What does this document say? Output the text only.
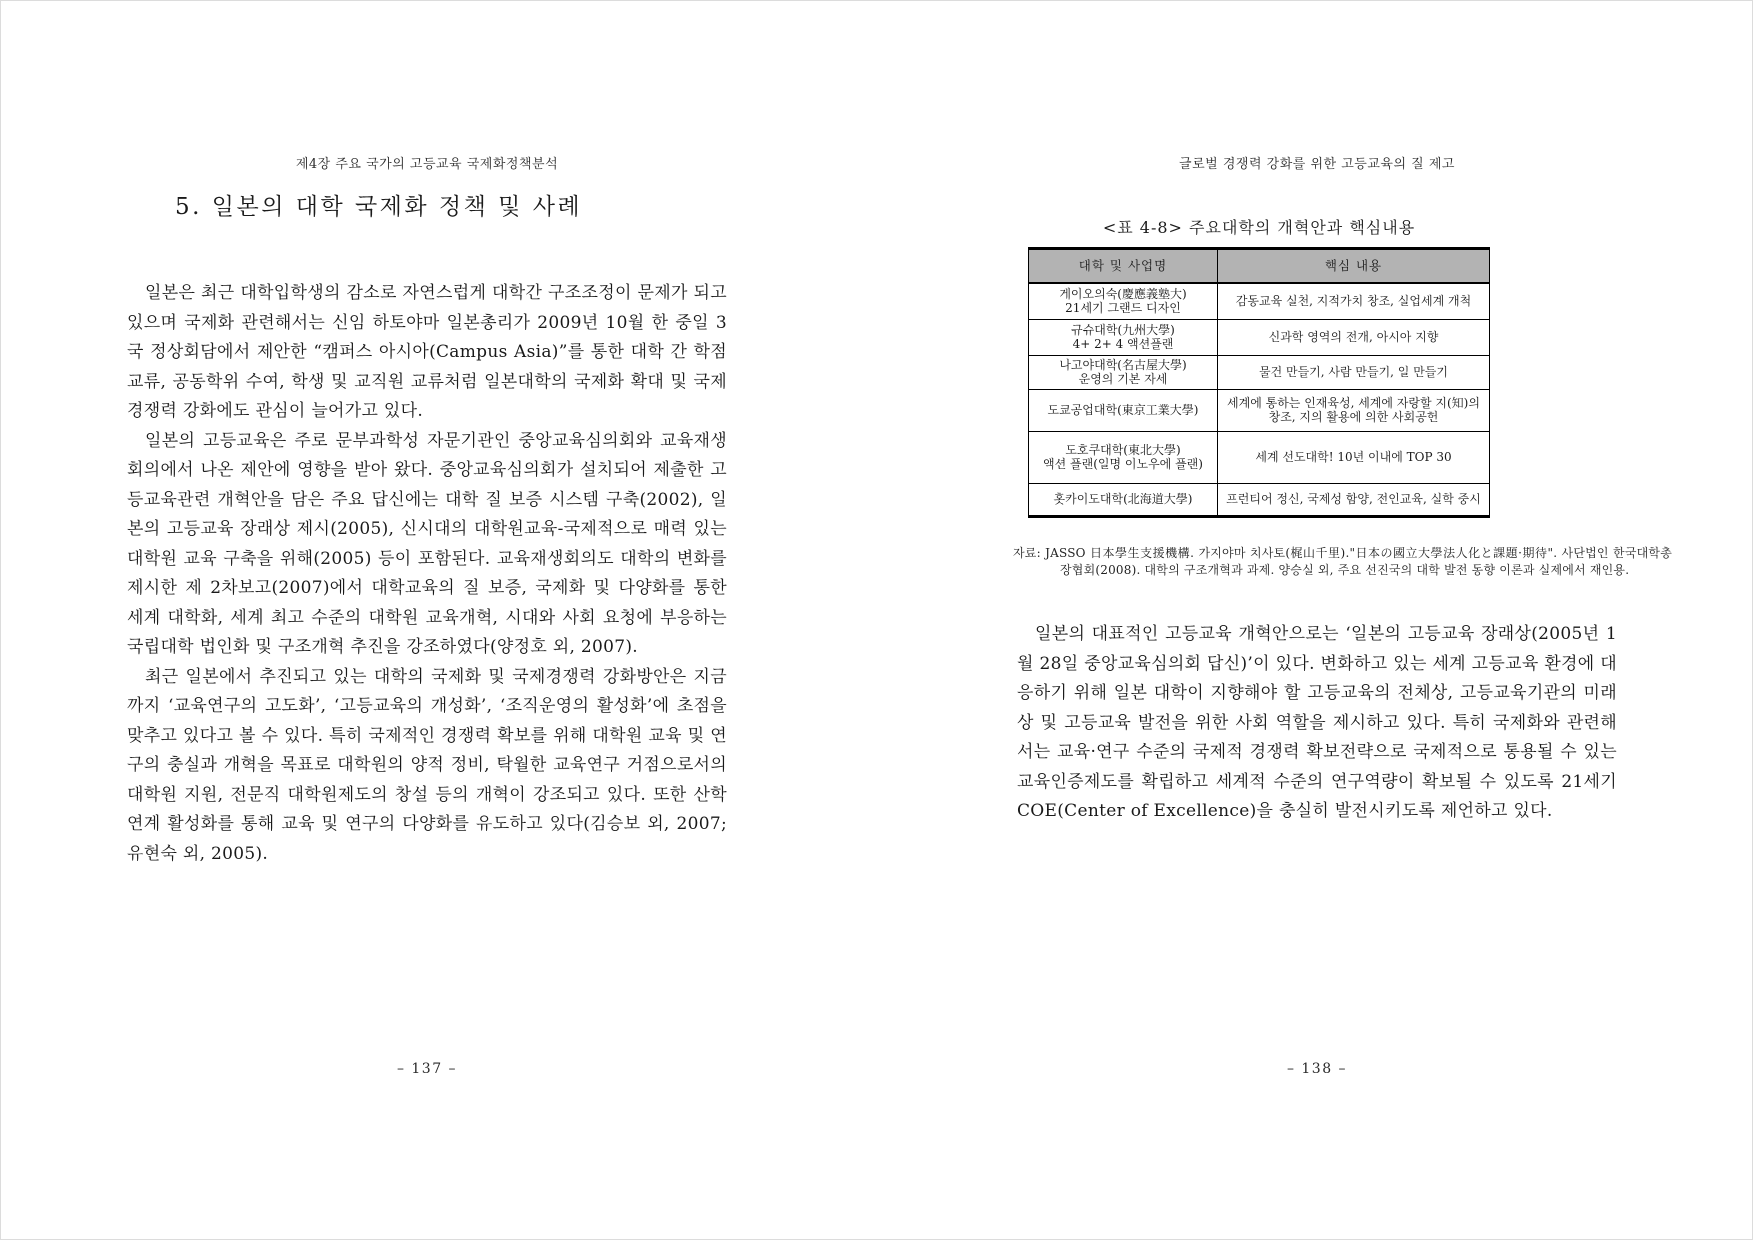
제4장 주요 국가의 고등교육 국제화정책분석
5. 일본의 대학 국제화 정책 및 사례

일본은 최근 대학입학생의 감소로 자연스럽게 대학간 구조조정이 문제가 되고 있으며 국제화 관련해서는 신임 하토야마 일본총리가 2009년 10월 한 중일 3국 정상회담에서 제안한 “캠퍼스 아시아(Campus Asia)”를 통한 대학 간 학점교류, 공동학위 수여, 학생 및 교직원 교류처럼 일본대학의 국제화 확대 및 국제경쟁력 강화에도 관심이 늘어가고 있다.

일본의 고등교육은 주로 문부과학성 자문기관인 중앙교육심의회와 교육재생회의에서 나온 제안에 영향을 받아 왔다. 중앙교육심의회가 설치되어 제출한 고등교육관련 개혁안을 담은 주요 답신에는 대학 질 보증 시스템 구축(2002), 일본의 고등교육 장래상 제시(2005), 신시대의 대학원교육-국제적으로 매력 있는 대학원 교육 구축을 위해(2005) 등이 포함된다. 교육재생회의도 대학의 변화를 제시한 제 2차보고(2007)에서 대학교육의 질 보증, 국제화 및 다양화를 통한 세계 대학화, 세계 최고 수준의 대학원 교육개혁, 시대와 사회 요청에 부응하는 국립대학 법인화 및 구조개혁 추진을 강조하였다(양정호 외, 2007).

최근 일본에서 추진되고 있는 대학의 국제화 및 국제경쟁력 강화방안은 지금까지 ‘교육연구의 고도화’, ‘고등교육의 개성화’, ‘조직운영의 활성화’에 초점을 맞추고 있다고 볼 수 있다. 특히 국제적인 경쟁력 확보를 위해 대학원 교육 및 연구의 충실과 개혁을 목표로 대학원의 양적 정비, 탁월한 교육연구 거점으로서의 대학원 지원, 전문직 대학원제도의 창설 등의 개혁이 강조되고 있다. 또한 산학연계 활성화를 통해 교육 및 연구의 다양화를 유도하고 있다(김승보 외, 2007; 유현숙 외, 2005).

– 137 –
글로벌 경쟁력 강화를 위한 고등교육의 질 제고
<표 4-8> 주요대학의 개혁안과 핵심내용
대학 및 사업명	핵심 내용
게이오의숙(慶應義塾大)
21세기 그랜드 디자인	감동교육 실천, 지적가치 창조, 실업세계 개척
규슈대학(九州大學)
4+ 2+ 4 액션플랜	신과학 영역의 전개, 아시아 지향
나고야대학(名古屋大學)
운영의 기본 자세	물건 만들기, 사람 만들기, 일 만들기
도쿄공업대학(東京工業大學)	세계에 통하는 인재육성, 세계에 자랑할 지(知)의 창조, 지의 활용에 의한 사회공헌
도호쿠대학(東北大學)
액션 플랜(일명 이노우에 플랜)	세계 선도대학! 10년 이내에 TOP 30
홋카이도대학(北海道大學)	프런티어 정신, 국제성 함양, 전인교육, 실학 중시
자료: JASSO 日本學生支援機構. 가지야마 치사토(梶山千里)."日本の國立大學法人化と課題·期待". 사단법인 한국대학총장협회(2008). 대학의 구조개혁과 과제. 양승실 외, 주요 선진국의 대학 발전 동향 이론과 실제에서 재인용.

일본의 대표적인 고등교육 개혁안으로는 ‘일본의 고등교육 장래상(2005년 1월 28일 중앙교육심의회 답신)’이 있다. 변화하고 있는 세계 고등교육 환경에 대응하기 위해 일본 대학이 지향해야 할 고등교육의 전체상, 고등교육기관의 미래상 및 고등교육 발전을 위한 사회 역할을 제시하고 있다. 특히 국제화와 관련해서는 교육·연구 수준의 국제적 경쟁력 확보전략으로 국제적으로 통용될 수 있는 교육인증제도를 확립하고 세계적 수준의 연구역량이 확보될 수 있도록 21세기 COE(Center of Excellence)을 충실히 발전시키도록 제언하고 있다.

– 138 –
